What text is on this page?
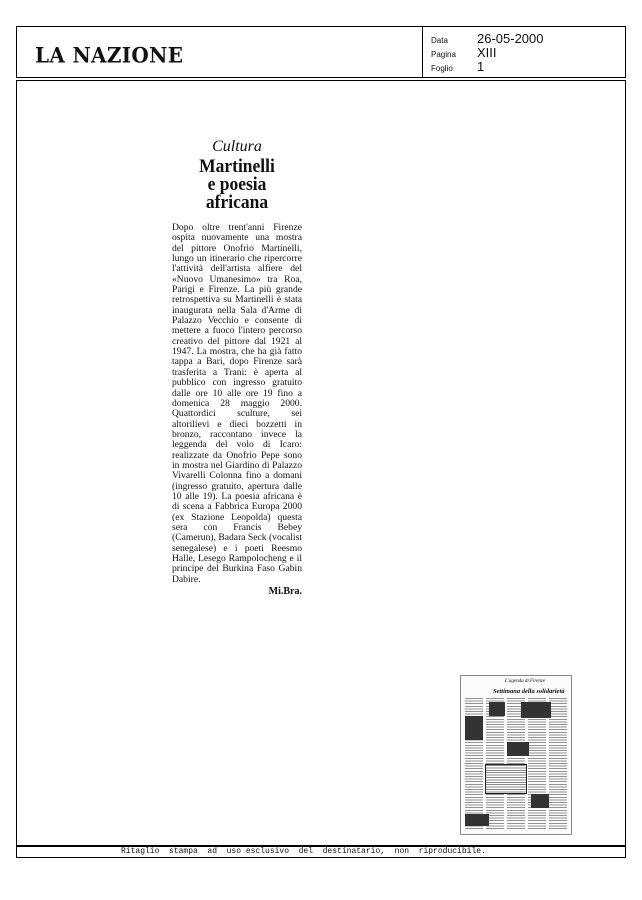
LA NAZIONE
Data	26-05-2000
Pagina	XIII
Foglio	1

Cultura

Martinelli
e poesia
africana

Dopo oltre trent'anni Firenze ospita nuovamente una mostra del pittore Onofrio Martinelli, lungo un itinerario che ripercorre l'attività dell'artista alfiere del «Nuovo Umanesimo» tra Roa, Parigi e Firenze. La più grande retrospettiva su Martinelli è stata inaugurata nella Sala d'Arme di Palazzo Vecchio e consente di mettere a fuoco l'intero percorso creativo del pittore dal 1921 al 1947. La mostra, che ha già fatto tappa a Bari, dopo Firenze sarà trasferita a Trani: è aperta al pubblico con ingresso gratuito dalle ore 10 alle ore 19 fino a domenica 28 maggio 2000. Quattordici sculture, sei altorilievi e dieci bozzetti in bronzo, raccontano invece la leggenda del volo di Icaro: realizzate da Onofrio Pepe sono in mostra nel Giardino di Palazzo Vivarelli Colonna fino a domani (ingresso gratuito, apertura dalle 10 alle 19). La poesia africana è di scena a Fabbrica Europa 2000 (ex Stazione Leopolda) questa sera con Francis Bebey (Camerun), Badara Seck (vocalist senegalese) e i poeti Reesmo Halle, Lesego Rampolocheng e il principe del Burkina Faso Gabin Dabire.

Mi.Bra.
L'agenda di Firenze
Settimana della solidarietà

Ritaglio  stampa  ad  uso esclusivo  del  destinatario,  non  riproducibile.
